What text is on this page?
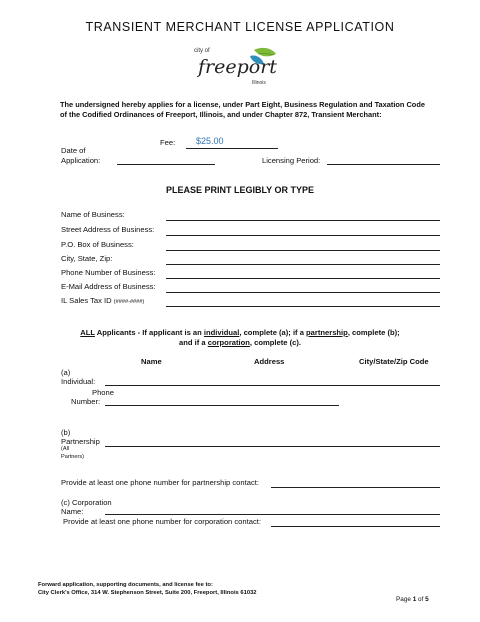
TRANSIENT MERCHANT LICENSE APPLICATION
city of
freeport
Illinois
The undersigned hereby applies for a license, under Part Eight, Business Regulation and Taxation Code of the Codified Ordinances of Freeport, Illinois, and under Chapter 872, Transient Merchant:
Fee: $25.00
Date of
Application:	Licensing Period:
PLEASE PRINT LEGIBLY OR TYPE
Name of Business:
Street Address of Business:
P.O. Box of Business:
City, State, Zip:
Phone Number of Business:
E-Mail Address of Business:
IL Sales Tax ID (####-####)
ALL Applicants - If applicant is an individual, complete (a); if a partnership, complete (b);
and if a corporation, complete (c).
Name	Address	City/State/Zip Code
(a)
Individual:
Phone
Number:
(b)
Partnership
(All
Partners)
Provide at least one phone number for partnership contact:
(c) Corporation
Name:
Provide at least one phone number for corporation contact:
Forward application, supporting documents, and license fee to:
City Clerk's Office, 314 W. Stephenson Street, Suite 200, Freeport, Illinois 61032
Page 1 of 5
